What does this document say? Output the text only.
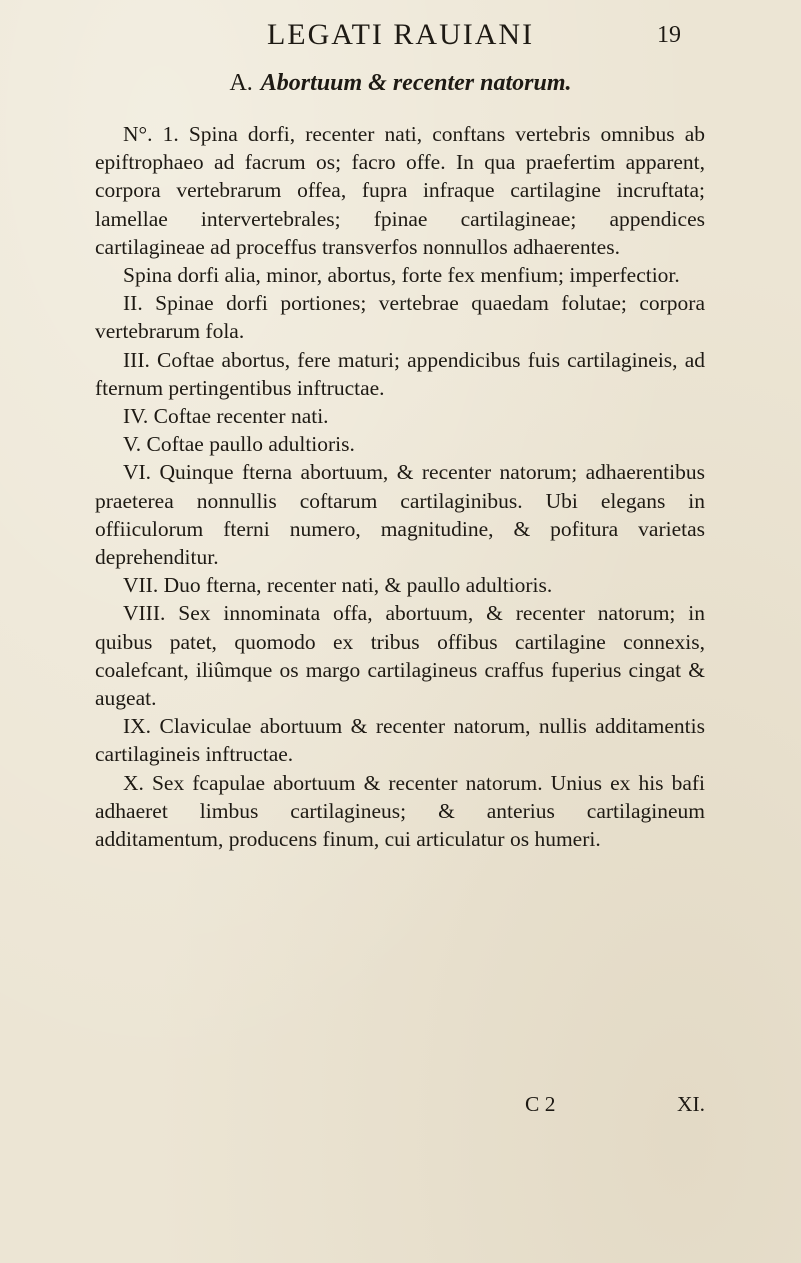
LEGATI RAUIANI	19
A. Abortuum & recenter natorum.

N°. 1. Spina dorfi, recenter nati, conftans vertebris omnibus ab epiftrophaeo ad facrum os; facro offe. In qua praefertim apparent, corpora vertebrarum offea, fupra infraque cartilagine incruftata; lamellae intervertebrales; fpinae cartilagineae; appendices cartilagineae ad proceffus transverfos nonnullos adhaerentes.

Spina dorfi alia, minor, abortus, forte fex menfium; imperfectior.

II. Spinae dorfi portiones; vertebrae quaedam folutae; corpora vertebrarum fola.

III. Coftae abortus, fere maturi; appendicibus fuis cartilagineis, ad fternum pertingentibus inftructae.

IV. Coftae recenter nati.

V. Coftae paullo adultioris.

VI. Quinque fterna abortuum, & recenter natorum; adhaerentibus praeterea nonnullis coftarum cartilaginibus. Ubi elegans in offiiculorum fterni numero, magnitudine, & pofitura varietas deprehenditur.

VII. Duo fterna, recenter nati, & paullo adultioris.

VIII. Sex innominata offa, abortuum, & recenter natorum; in quibus patet, quomodo ex tribus offibus cartilagine connexis, coalefcant, iliûmque os margo cartilagineus craffus fuperius cingat & augeat.

IX. Claviculae abortuum & recenter natorum, nullis additamentis cartilagineis inftructae.

X. Sex fcapulae abortuum & recenter natorum. Unius ex his bafi adhaeret limbus cartilagineus; & anterius cartilagineum additamentum, producens finum, cui articulatur os humeri.

C 2	XI.
